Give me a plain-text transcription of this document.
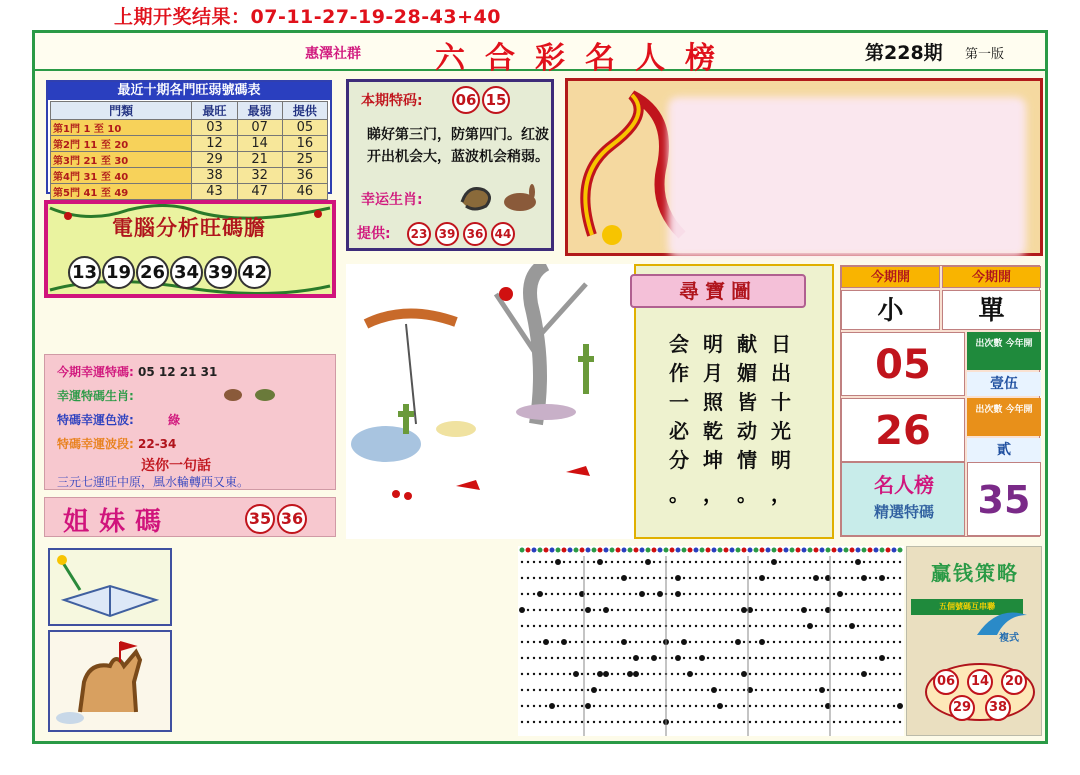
上期开奖结果：07-11-27-19-28-43+40
惠澤社群 六合彩名人榜	第228期 第一版
最近十期各門旺弱號碼表
門類	最旺	最弱	提供
第1門 1 至 10	03	07	05
第2門 11 至 20	12	14	16
第3門 21 至 30	29	21	25
第4門 31 至 40	38	32	36
第5門 41 至 49	43	47	46
電腦分析旺碼膽
13 19 26 34 39 42
本期特码: 06 15
睇好第三门，防第四门。红波开出机会大，蓝波机会稍弱。
幸运生肖:
提供:	23 39 36 44
今期幸運特碼: 05 12 21 31
幸運特碼生肖:
特碼幸運色波:	綠
特碼幸運波段: 22-34
送你一句話
三元七運旺中原，風水輪轉西又東。
姐妹碼	35 36
尋寶圖
日出十光明
献媚皆动情
明月照乾坤
会作一必分
，
。
，
。
今期開	今期開
小	單
05	出次數 今年開
壹伍
26	出次數 今年開
貳
名人榜
精選特碼	35
赢钱策略
五個號碼互串聯
複式
06	14	20
29	38
